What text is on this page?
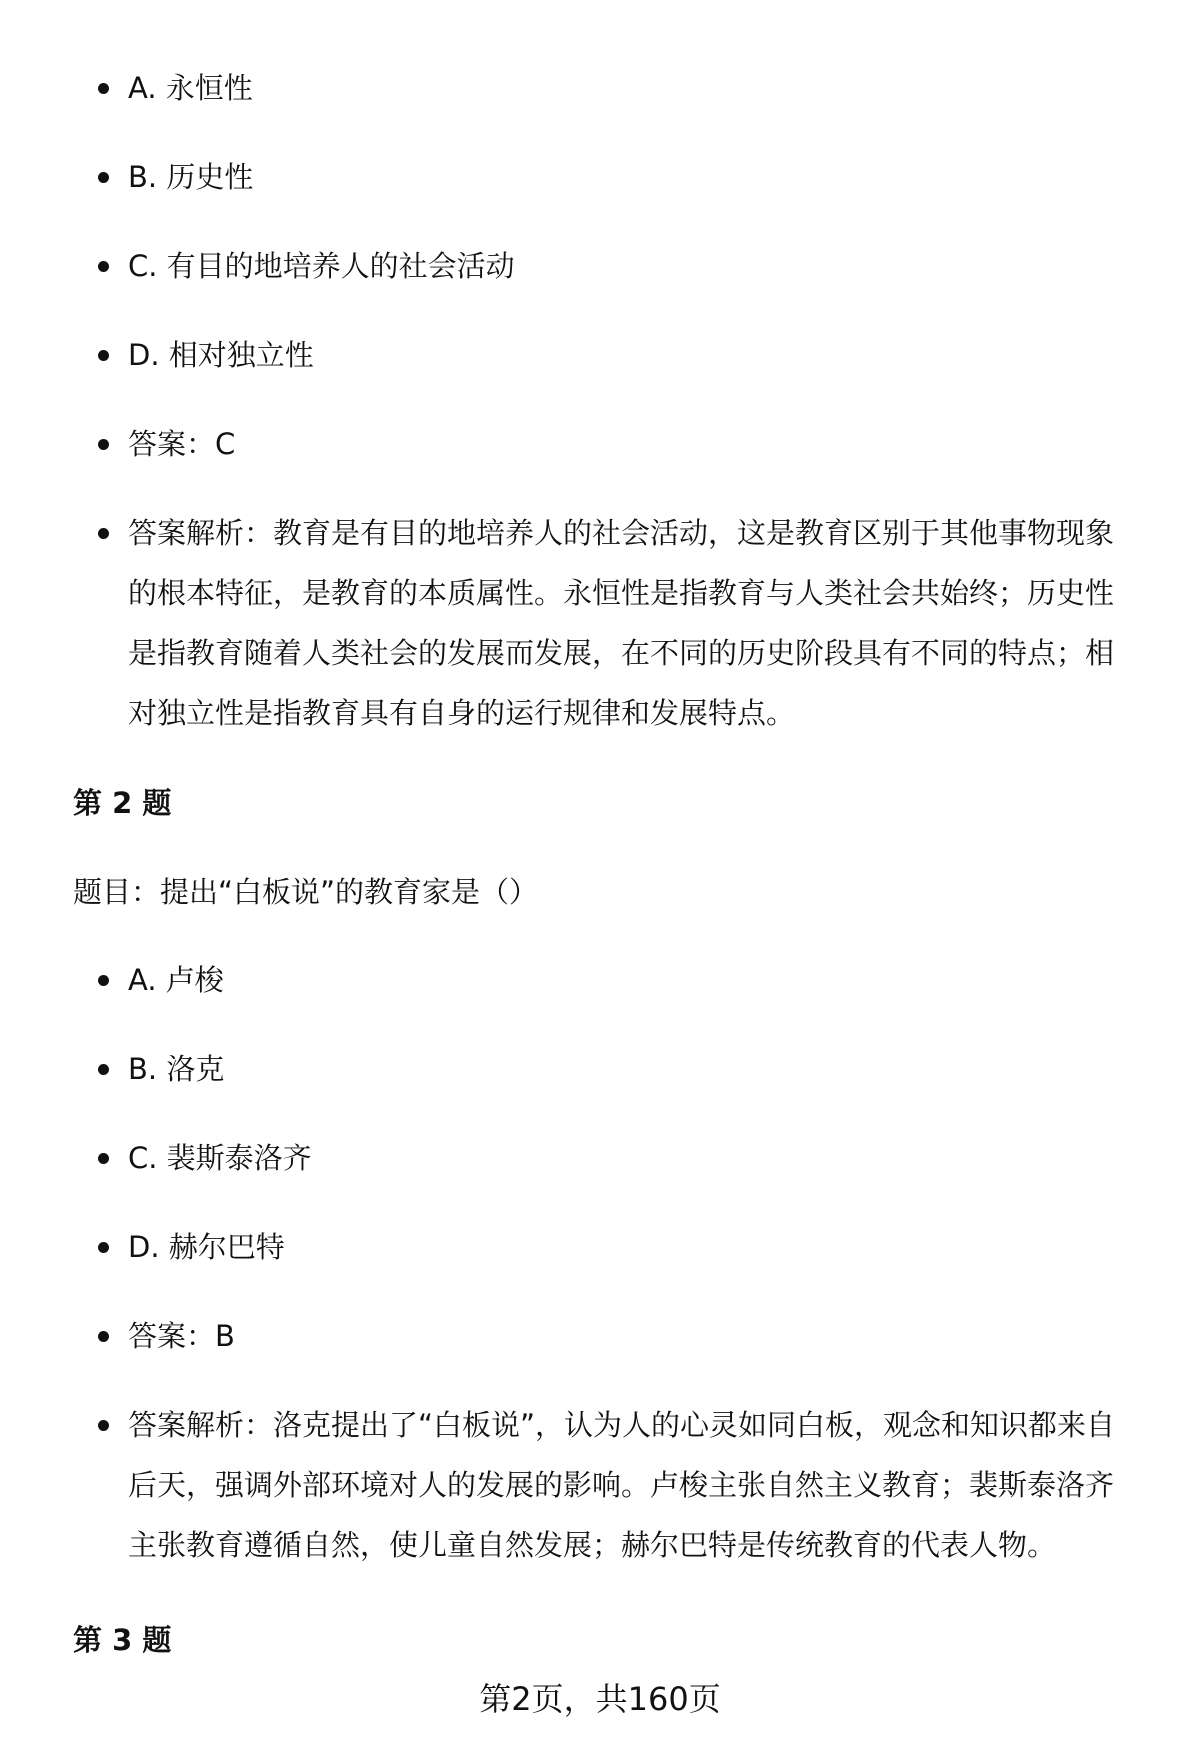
A. 永恒性
B. 历史性
C. 有目的地培养人的社会活动
D. 相对独立性
答案：C
答案解析：教育是有目的地培养人的社会活动，这是教育区别于其他事物现象的根本特征，是教育的本质属性。永恒性是指教育与人类社会共始终；历史性是指教育随着人类社会的发展而发展，在不同的历史阶段具有不同的特点；相对独立性是指教育具有自身的运行规律和发展特点。
第 2 题
题目：提出“白板说”的教育家是（）
A. 卢梭
B. 洛克
C. 裴斯泰洛齐
D. 赫尔巴特
答案：B
答案解析：洛克提出了“白板说”，认为人的心灵如同白板，观念和知识都来自后天，强调外部环境对人的发展的影响。卢梭主张自然主义教育；裴斯泰洛齐主张教育遵循自然，使儿童自然发展；赫尔巴特是传统教育的代表人物。
第 3 题
第2页，共160页
